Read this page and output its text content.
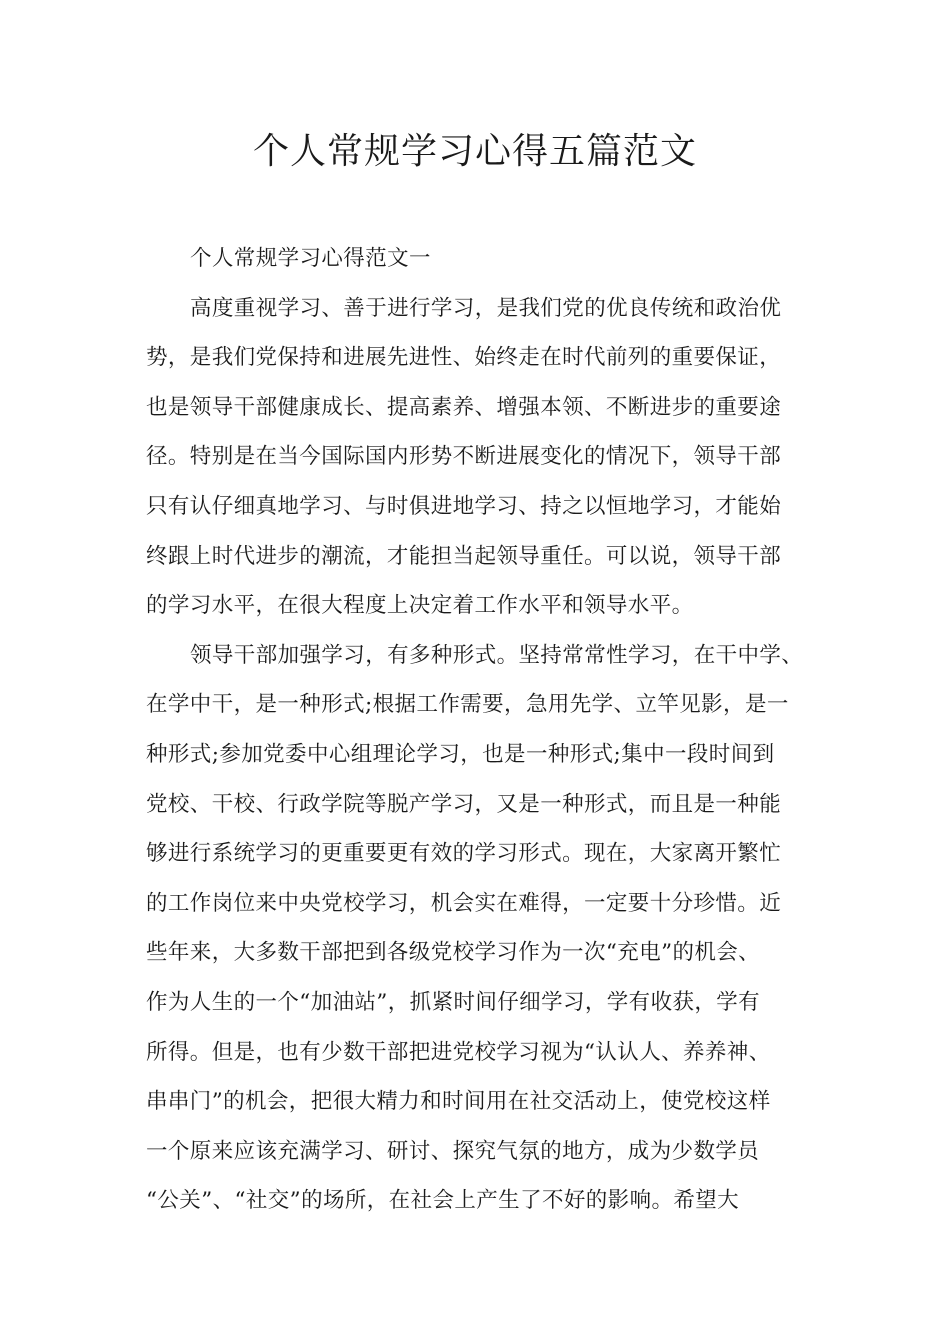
个人常规学习心得五篇范文
个人常规学习心得范文一
高度重视学习、善于进行学习，是我们党的优良传统和政治优
势，是我们党保持和进展先进性、始终走在时代前列的重要保证，
也是领导干部健康成长、提高素养、增强本领、不断进步的重要途
径。特别是在当今国际国内形势不断进展变化的情况下，领导干部
只有认仔细真地学习、与时俱进地学习、持之以恒地学习，才能始
终跟上时代进步的潮流，才能担当起领导重任。可以说，领导干部
的学习水平，在很大程度上决定着工作水平和领导水平。
领导干部加强学习，有多种形式。坚持常常性学习，在干中学、
在学中干，是一种形式;根据工作需要，急用先学、立竿见影，是一
种形式;参加党委中心组理论学习，也是一种形式;集中一段时间到
党校、干校、行政学院等脱产学习，又是一种形式，而且是一种能
够进行系统学习的更重要更有效的学习形式。现在，大家离开繁忙
的工作岗位来中央党校学习，机会实在难得，一定要十分珍惜。近
些年来，大多数干部把到各级党校学习作为一次“充电”的机会、
作为人生的一个“加油站”，抓紧时间仔细学习，学有收获，学有
所得。但是，也有少数干部把进党校学习视为“认认人、养养神、
串串门”的机会，把很大精力和时间用在社交活动上，使党校这样
一个原来应该充满学习、研讨、探究气氛的地方，成为少数学员
“公关”、“社交”的场所，在社会上产生了不好的影响。希望大
